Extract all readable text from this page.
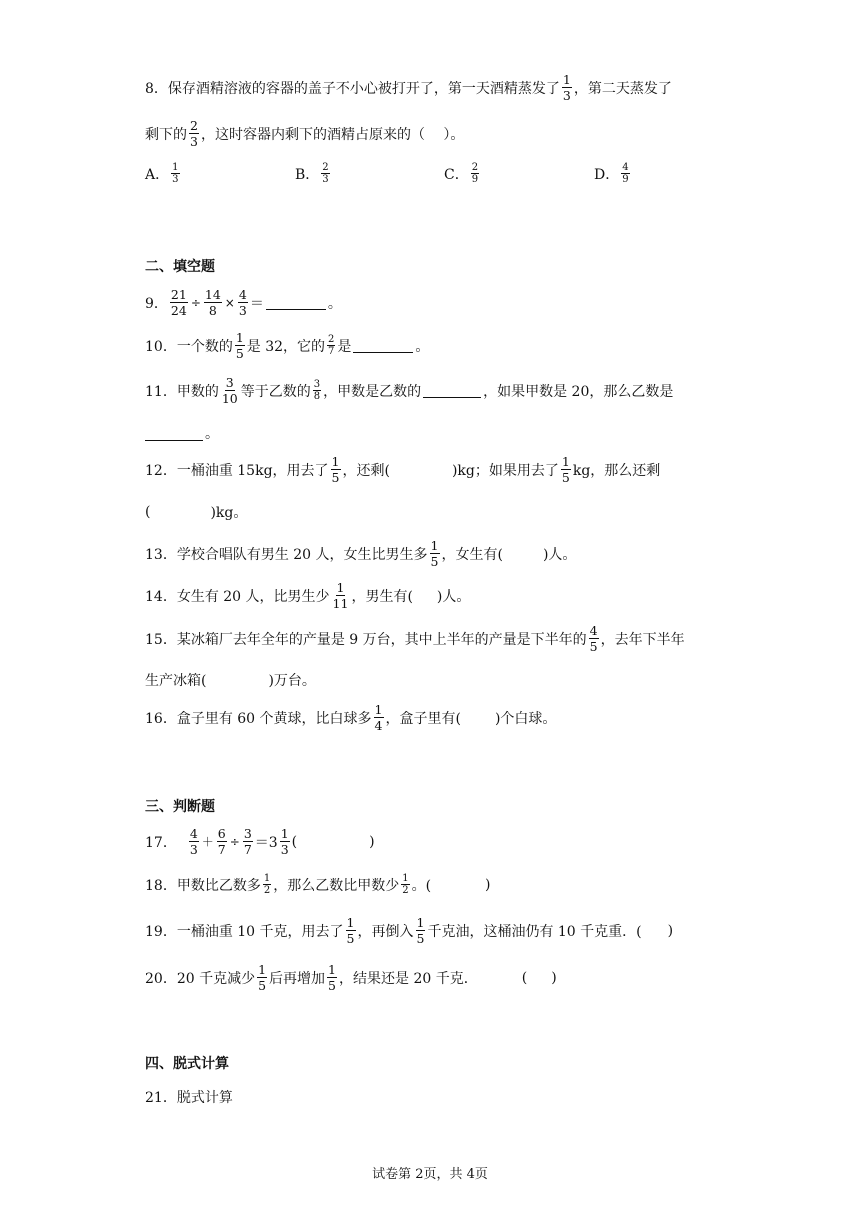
8． 保存酒精溶液的容器的盖子不小心被打开了，第一天酒精蒸发了 $\frac{1}{3}$ ，第二天蒸发了
剩下的 $\frac{2}{3}$ ，这时容器内剩下的酒精占原来的（　 ）。
A． $\frac{1}{3}$	B． $\frac{2}{3}$	C． $\frac{2}{9}$	D． $\frac{4}{9}$
二、填空题
9． $\frac{21}{24} \div \frac{14}{8} \times \frac{4}{3}$ ＝	。
10． 一个数的 $\frac{1}{5}$ 是 32，它的 $\frac{2}{7}$ 是	。
11． 甲数的 $\frac{3}{10}$ 等于乙数的 $\frac{3}{8}$ ，甲数是乙数的	，如果甲数是 20，那么乙数是
。
12． 一桶油重 15kg，用去了 $\frac{1}{5}$ ，还剩(	)kg；如果用去了 $\frac{1}{5}$ kg，那么还剩
(	)kg。
13． 学校合唱队有男生 20 人，女生比男生多 $\frac{1}{5}$ ，女生有(	)人。
14． 女生有 20 人，比男生少 $\frac{1}{11}$ ，男生有( )人。
15． 某冰箱厂去年全年的产量是 9 万台，其中上半年的产量是下半年的 $\frac{4}{5}$ ，去年下半年
生产冰箱(	)万台。
16． 盒子里有 60 个黄球，比白球多 $\frac{1}{4}$ ，盒子里有( )个白球。
三、判断题
17． $\frac{4}{3} + \frac{6}{7} \div \frac{3}{7} =3 \frac{1}{3}$ (	)
18． 甲数比乙数多 $\frac{1}{2}$ ，那么乙数比甲数少 $\frac{1}{2}$ 。(	)
19． 一桶油重 10 千克，用去了 $\frac{1}{5}$ ，再倒入 $\frac{1}{5}$ 千克油，这桶油仍有 10 千克重．( )
20． 20 千克减少 $\frac{1}{5}$ 后再增加 $\frac{1}{5}$ ，结果还是 20 千克．	( )
四、脱式计算
21． 脱式计算
试卷第 2页，共 4页
